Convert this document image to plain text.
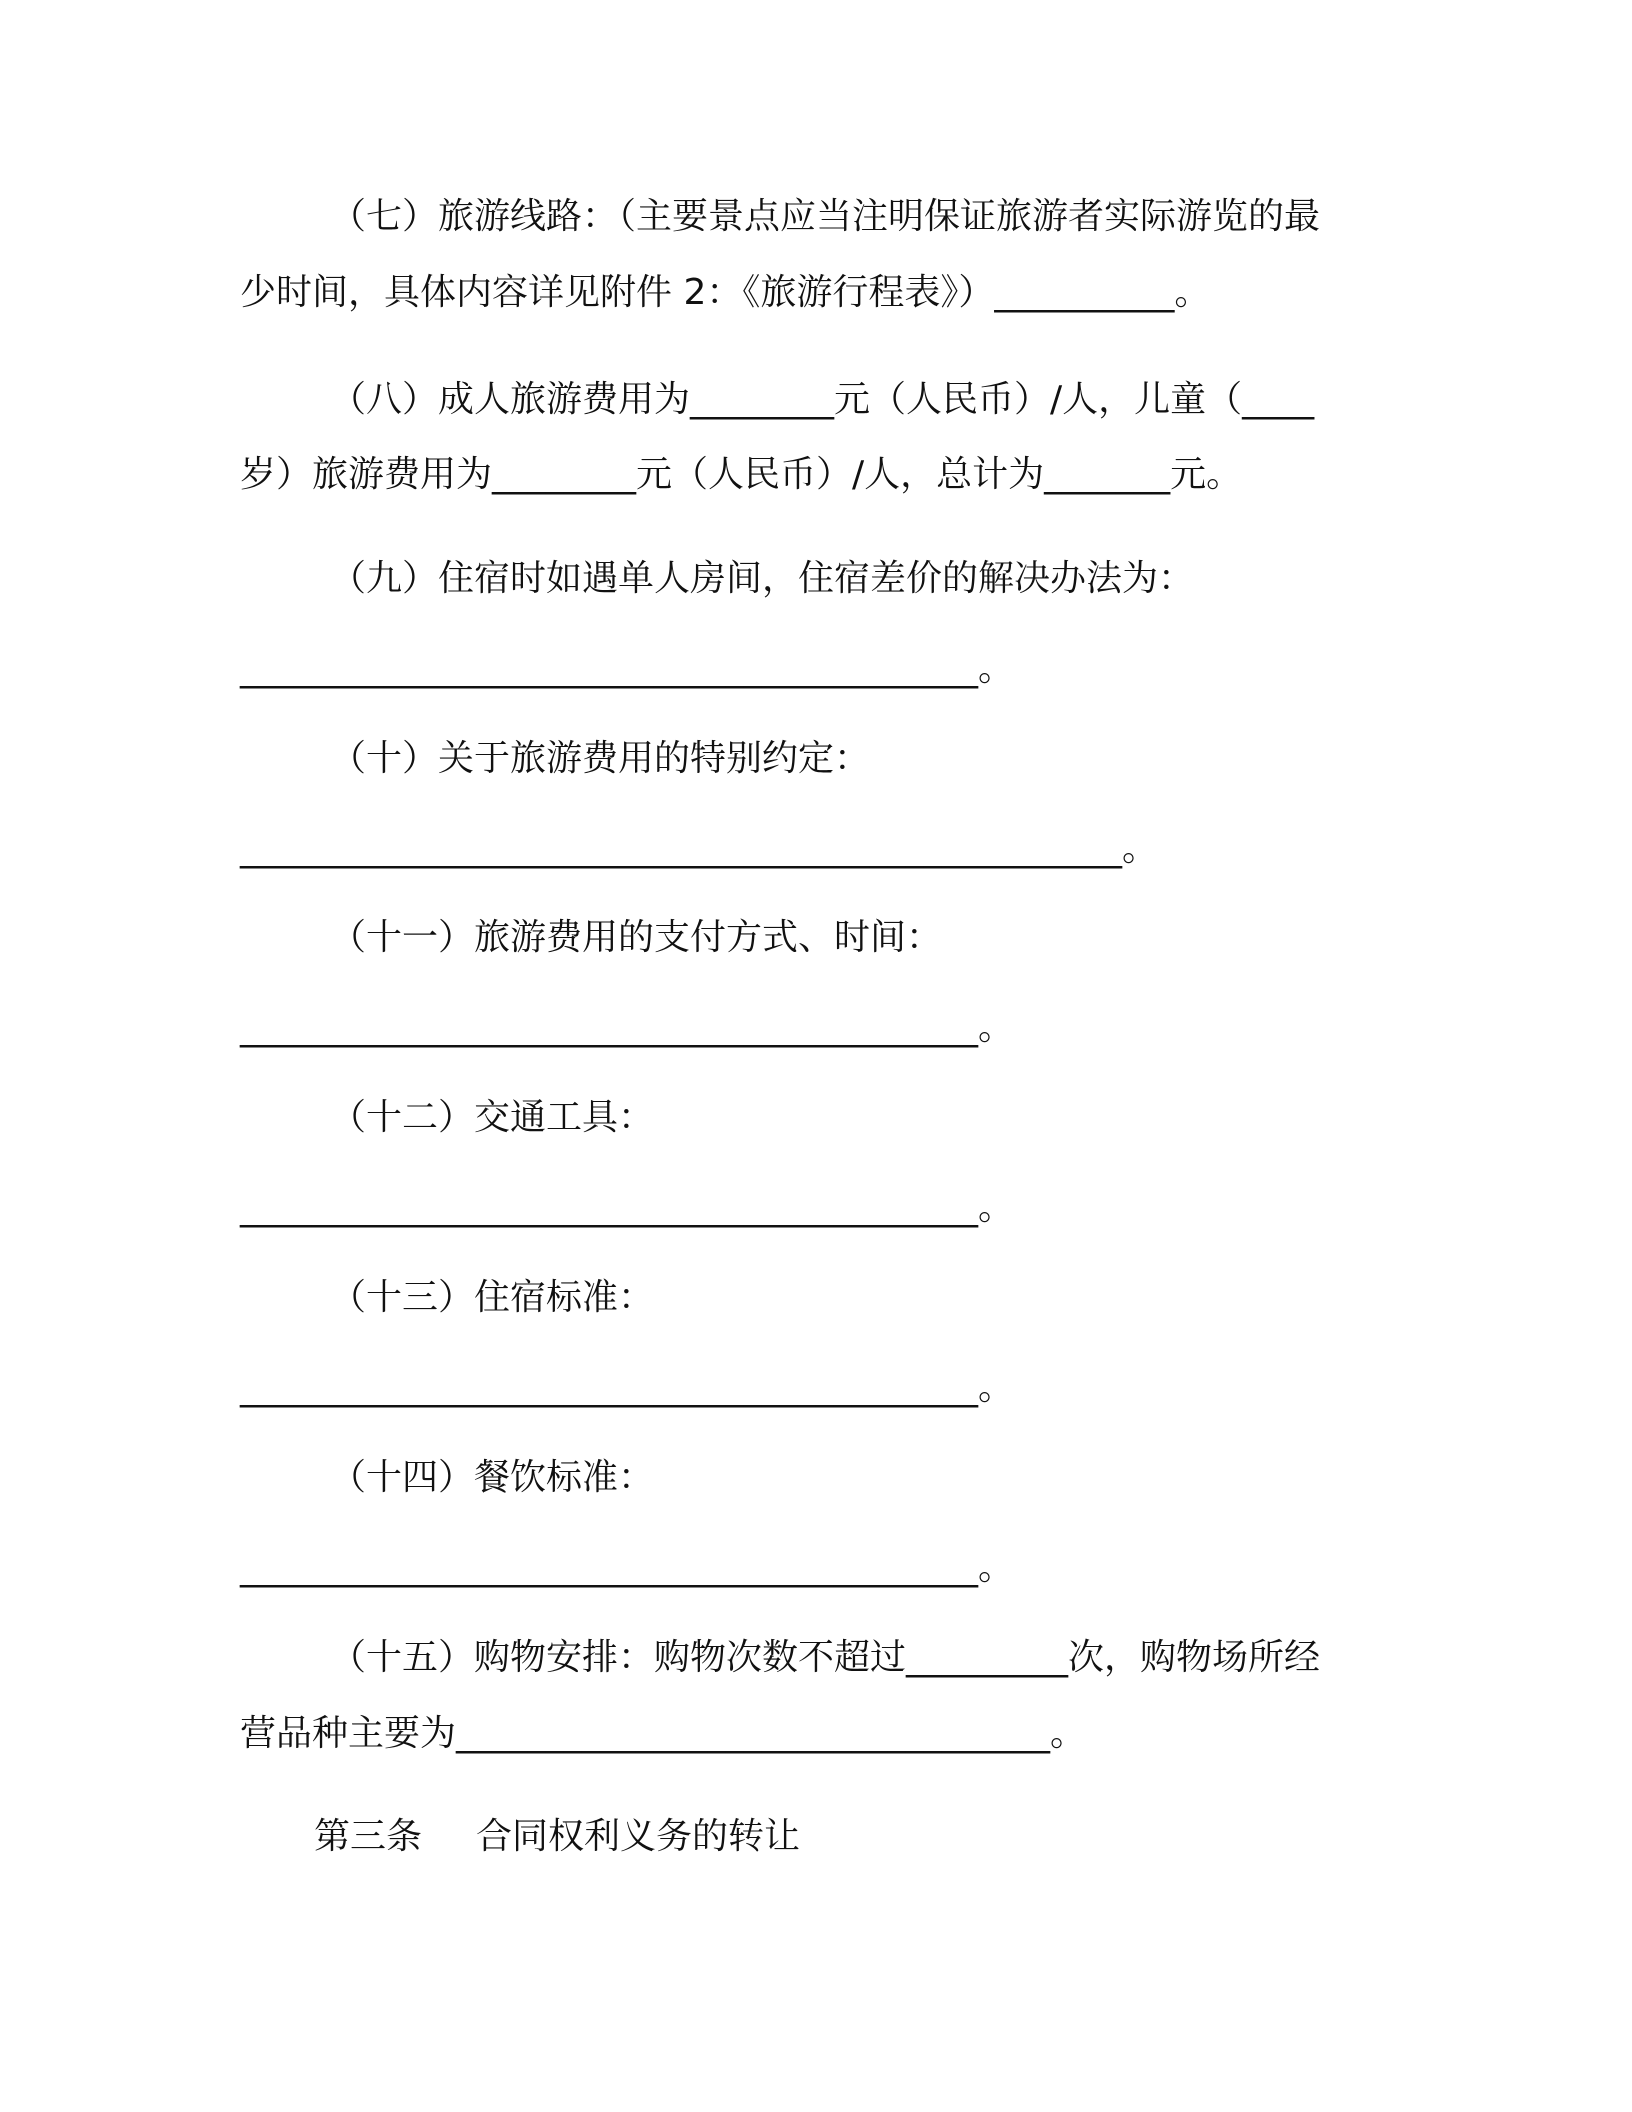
（七）旅游线路：（主要景点应当注明保证旅游者实际游览的最
少时间，具体内容详见附件 2：《旅游行程表》）__________。
（八）成人旅游费用为________元（人民币）/人，儿童（____
岁）旅游费用为________元（人民币）/人，总计为_______元。
（九）住宿时如遇单人房间，住宿差价的解决办法为：
_________________________________________。
（十）关于旅游费用的特别约定：
_________________________________________________。
（十一）旅游费用的支付方式、时间：
_________________________________________。
（十二）交通工具：
_________________________________________。
（十三）住宿标准：
_________________________________________。
（十四）餐饮标准：
_________________________________________。
（十五）购物安排：购物次数不超过_________次，购物场所经
营品种主要为_________________________________。
第三条 合同权利义务的转让
